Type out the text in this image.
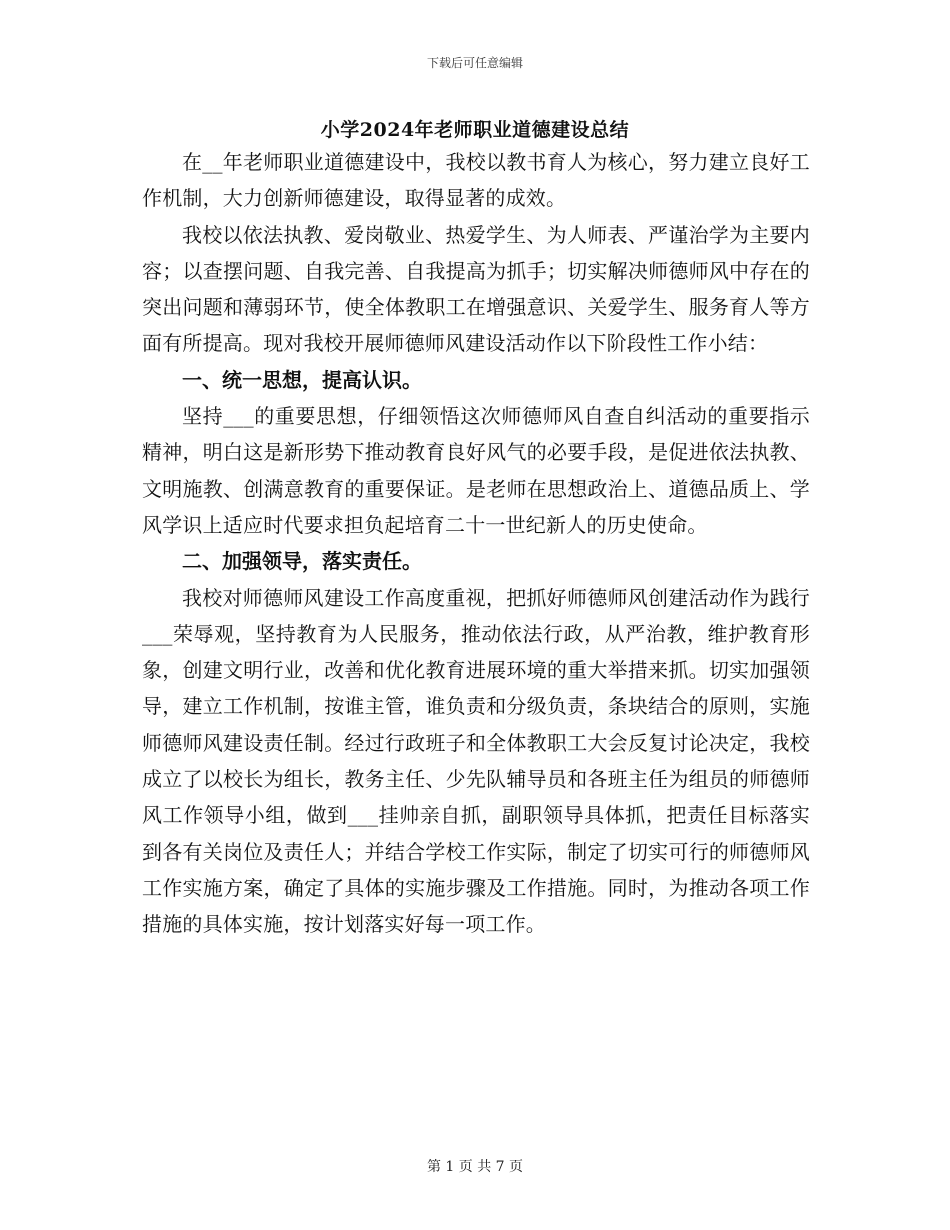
下载后可任意编辑
小学2024年老师职业道德建设总结

在__年老师职业道德建设中，我校以教书育人为核心，努力建立良好工作机制，大力创新师德建设，取得显著的成效。

我校以依法执教、爱岗敬业、热爱学生、为人师表、严谨治学为主要内容；以查摆问题、自我完善、自我提高为抓手；切实解决师德师风中存在的突出问题和薄弱环节，使全体教职工在增强意识、关爱学生、服务育人等方面有所提高。现对我校开展师德师风建设活动作以下阶段性工作小结：

一、统一思想，提高认识。

坚持___的重要思想，仔细领悟这次师德师风自查自纠活动的重要指示精神，明白这是新形势下推动教育良好风气的必要手段，是促进依法执教、文明施教、创满意教育的重要保证。是老师在思想政治上、道德品质上、学风学识上适应时代要求担负起培育二十一世纪新人的历史使命。

二、加强领导，落实责任。

我校对师德师风建设工作高度重视，把抓好师德师风创建活动作为践行___荣辱观，坚持教育为人民服务，推动依法行政，从严治教，维护教育形象，创建文明行业，改善和优化教育进展环境的重大举措来抓。切实加强领导，建立工作机制，按谁主管，谁负责和分级负责，条块结合的原则，实施师德师风建设责任制。经过行政班子和全体教职工大会反复讨论决定，我校成立了以校长为组长，教务主任、少先队辅导员和各班主任为组员的师德师风工作领导小组，做到___挂帅亲自抓，副职领导具体抓，把责任目标落实到各有关岗位及责任人；并结合学校工作实际，制定了切实可行的师德师风工作实施方案，确定了具体的实施步骤及工作措施。同时，为推动各项工作措施的具体实施，按计划落实好每一项工作。

第 1 页 共 7 页
